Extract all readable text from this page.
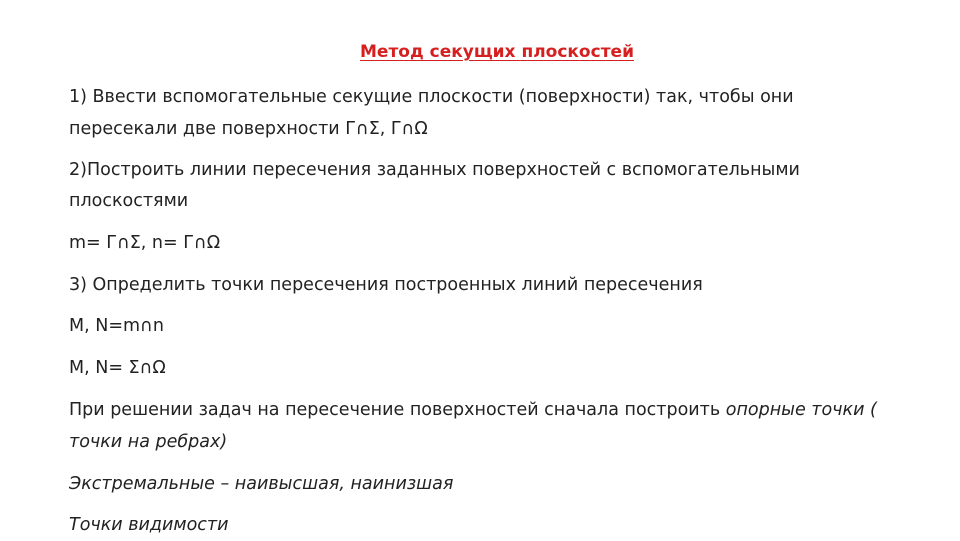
Метод секущих плоскостей
1) Ввести вспомогательные секущие плоскости (поверхности) так, чтобы они
пересекали две поверхности Г∩Σ, Г∩Ω
2)Построить линии пересечения заданных поверхностей с вспомогательными
плоскостями
m= Г∩Σ, n= Г∩Ω
3) Определить точки пересечения построенных линий пересечения
M, N=m∩n
M, N= Σ∩Ω
При решении задач на пересечение поверхностей сначала построить опорные точки (
точки на ребрах)
Экстремальные – наивысшая, наинизшая
Точки видимости
